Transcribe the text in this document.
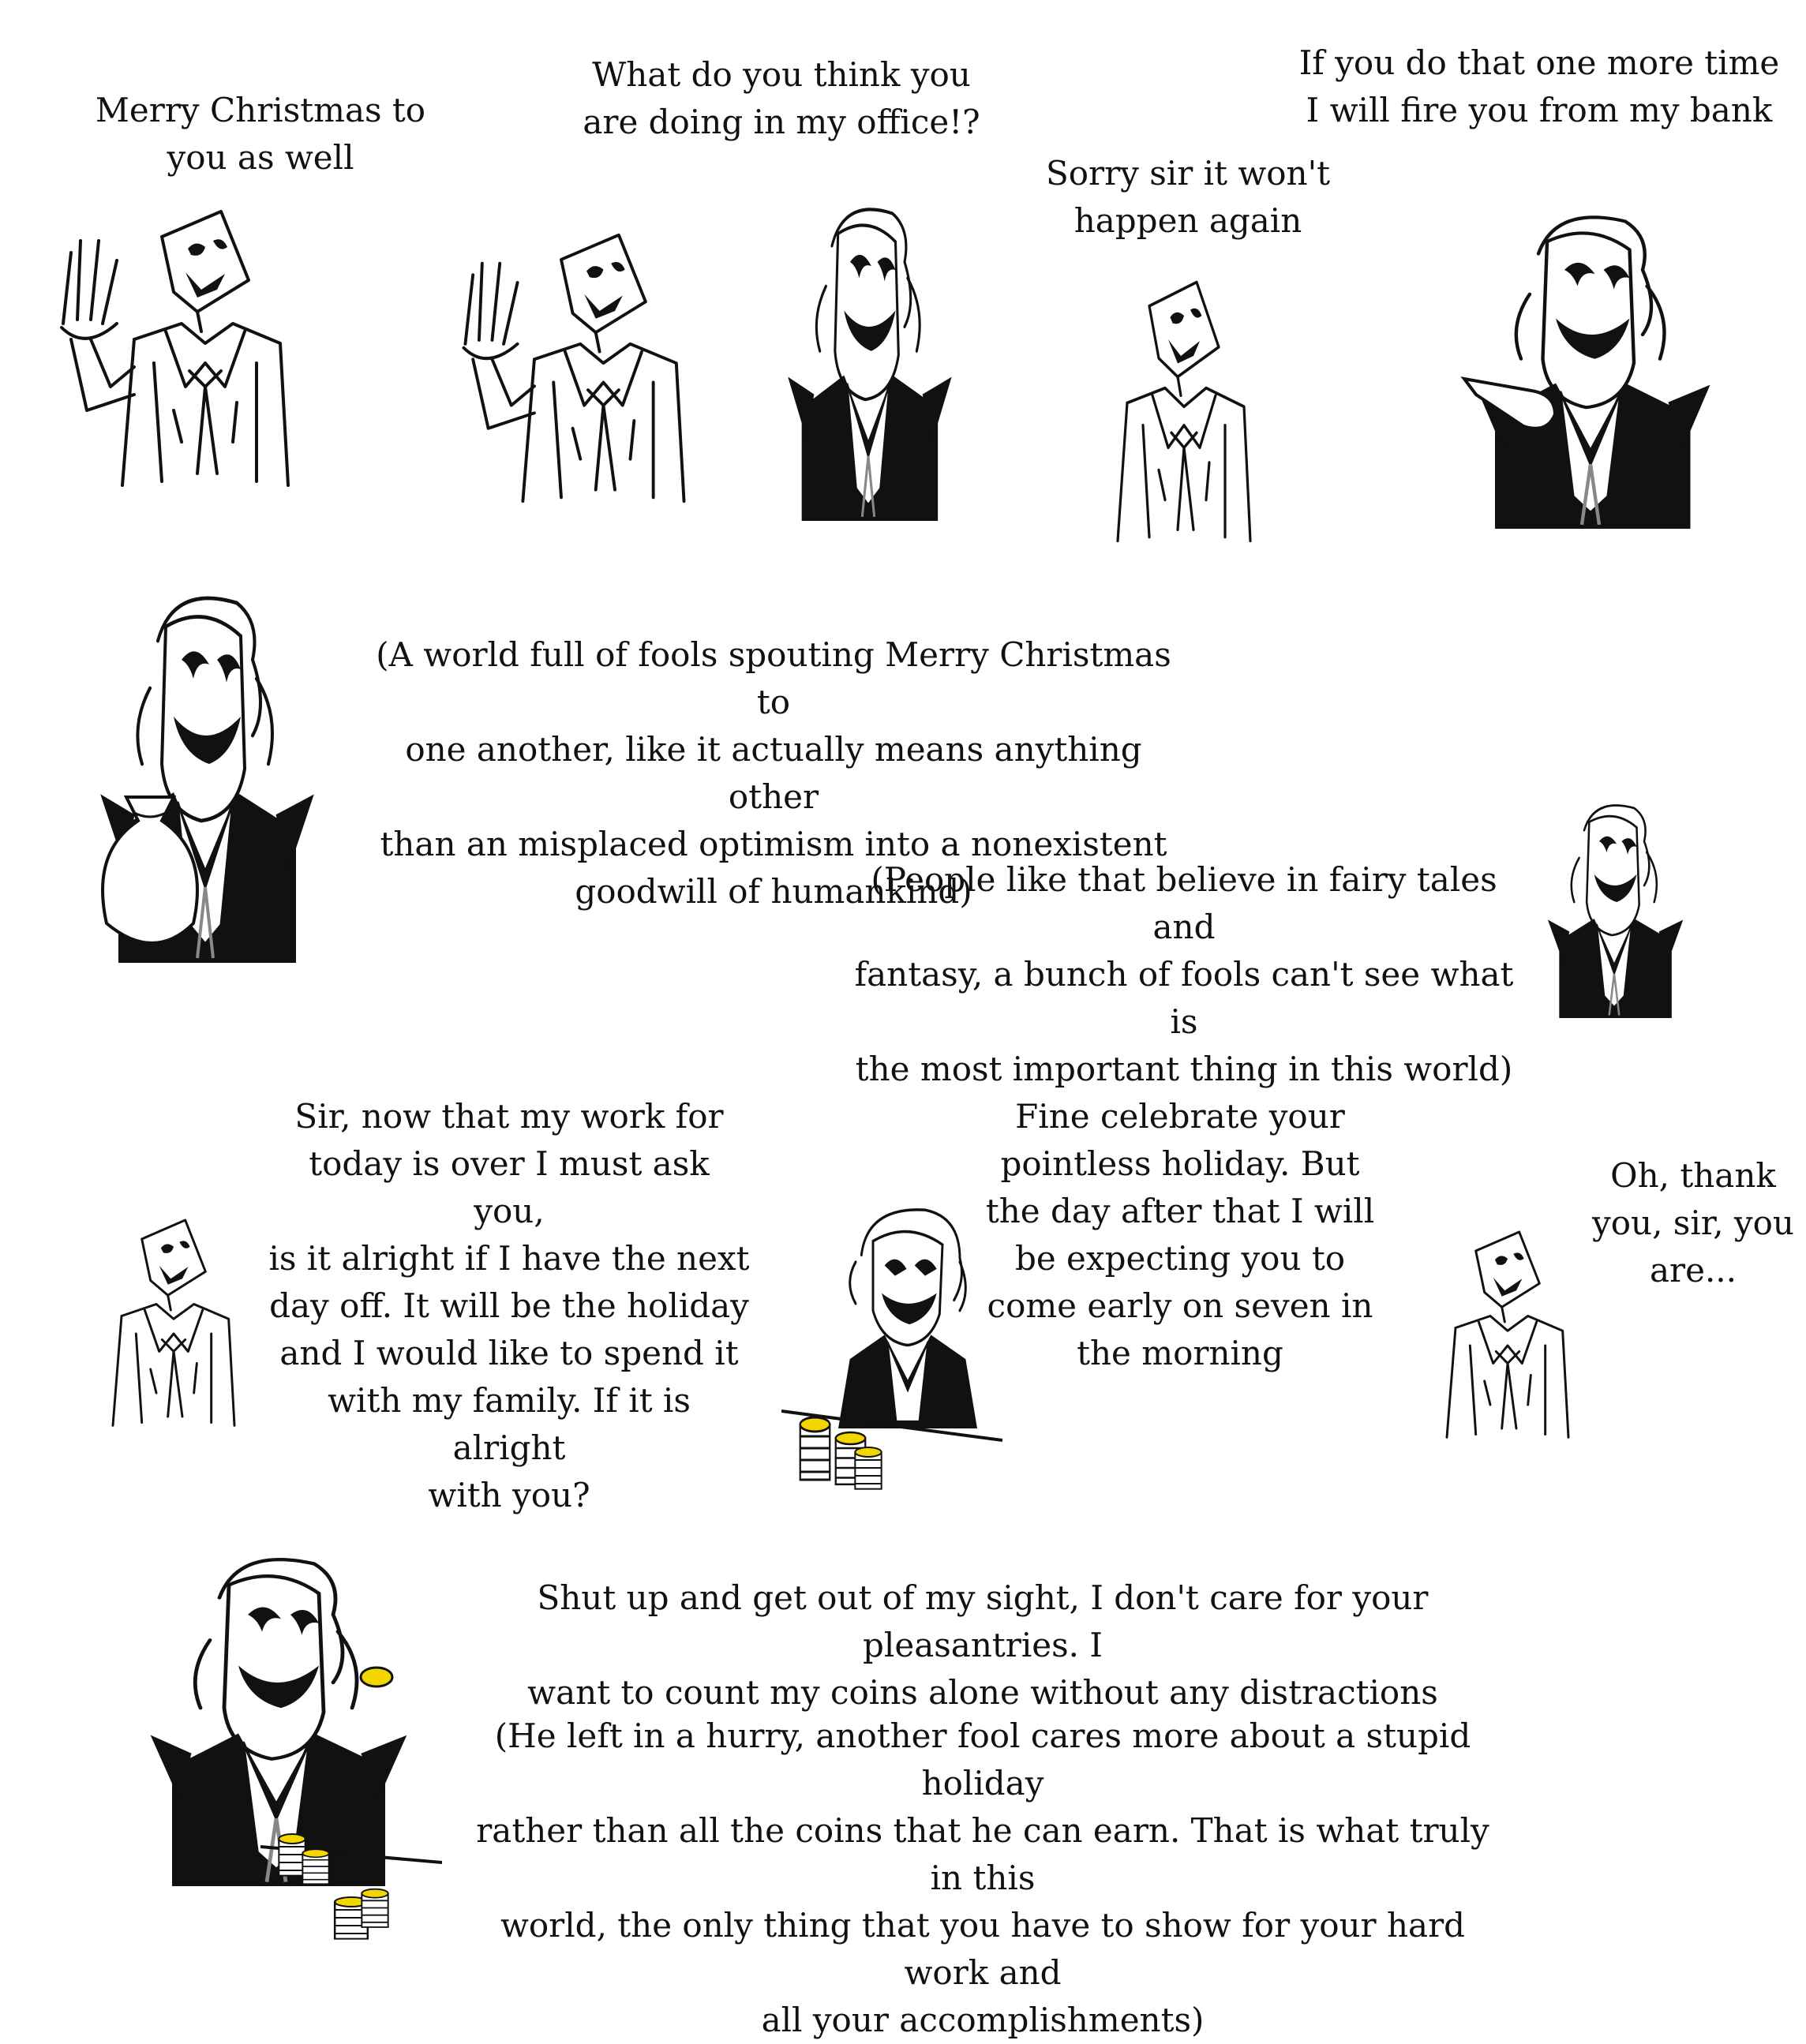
Merry Christmas to
you as well
What do you think you
are doing in my office!?
Sorry sir it won't
happen again
If you do that one more time
I will fire you from my bank
(A world full of fools spouting Merry Christmas to
one another, like it actually means anything other
than an misplaced optimism into a nonexistent
goodwill of humankind)
(People like that believe in fairy tales and
fantasy, a bunch of fools can't see what is
the most important thing in this world)
Sir, now that my work for
today is over I must ask you,
is it alright if I have the next
day off. It will be the holiday
and I would like to spend it
with my family. If it is alright
with you?
Fine celebrate your
pointless holiday. But
the day after that I will
be expecting you to
come early on seven in
the morning
Oh, thank
you, sir, you
are...
Shut up and get out of my sight, I don't care for your pleasantries. I
want to count my coins alone without any distractions
(He left in a hurry, another fool cares more about a stupid holiday
rather than all the coins that he can earn. That is what truly in this
world, the only thing that you have to show for your hard work and
all your accomplishments)
